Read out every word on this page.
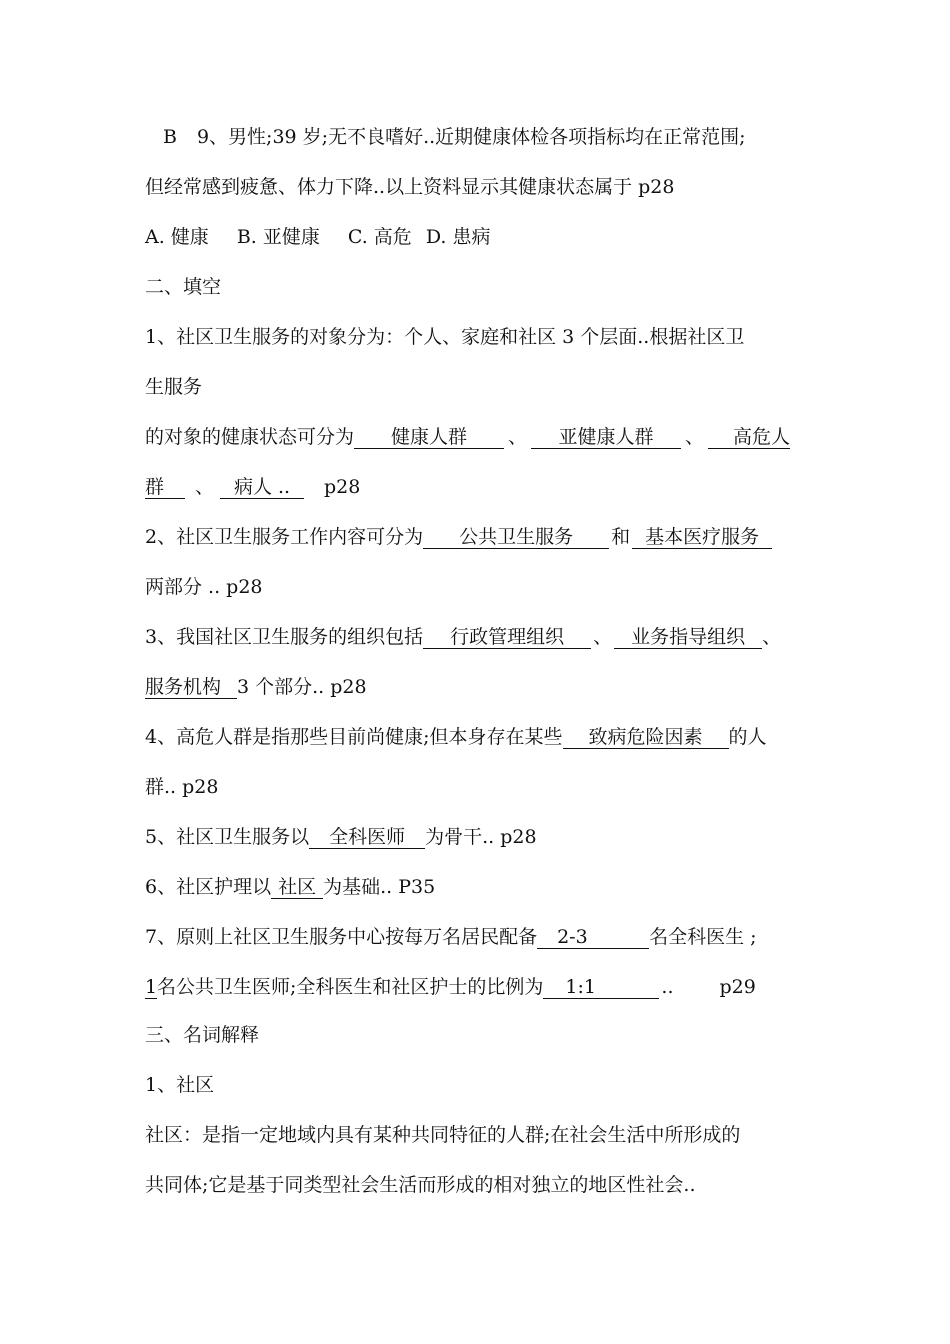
B 9、男性;39 岁;无不良嗜好..近期健康体检各项指标均在正常范围;
但经常感到疲惫、体力下降..以上资料显示其健康状态属于 p28
A. 健康 B. 亚健康 C. 高危 D. 患病
二、填空
1、社区卫生服务的对象分为：个人、家庭和社区 3 个层面..根据社区卫
生服务
的对象的健康状态可分为 健康人群 、 亚健康人群 、 高危人
群 、 病人 .. p28
2、社区卫生服务工作内容可分为 公共卫生服务 和 基本医疗服务
两部分 .. p28
3、我国社区卫生服务的组织包括 行政管理组织 、 业务指导组织 、
服务机构 3 个部分.. p28
4、高危人群是指那些目前尚健康;但本身存在某些 致病危险因素 的人
群.. p28
5、社区卫生服务以 全科医师 为骨干.. p28
6、社区护理以 社区 为基础.. P35
7、原则上社区卫生服务中心按每万名居民配备 2-3	名全科医生 ;
1名公共卫生医师;全科医生和社区护士的比例为 1:1	.. p29
三、名词解释
1、社区
社区：是指一定地域内具有某种共同特征的人群;在社会生活中所形成的
共同体;它是基于同类型社会生活而形成的相对独立的地区性社会..
